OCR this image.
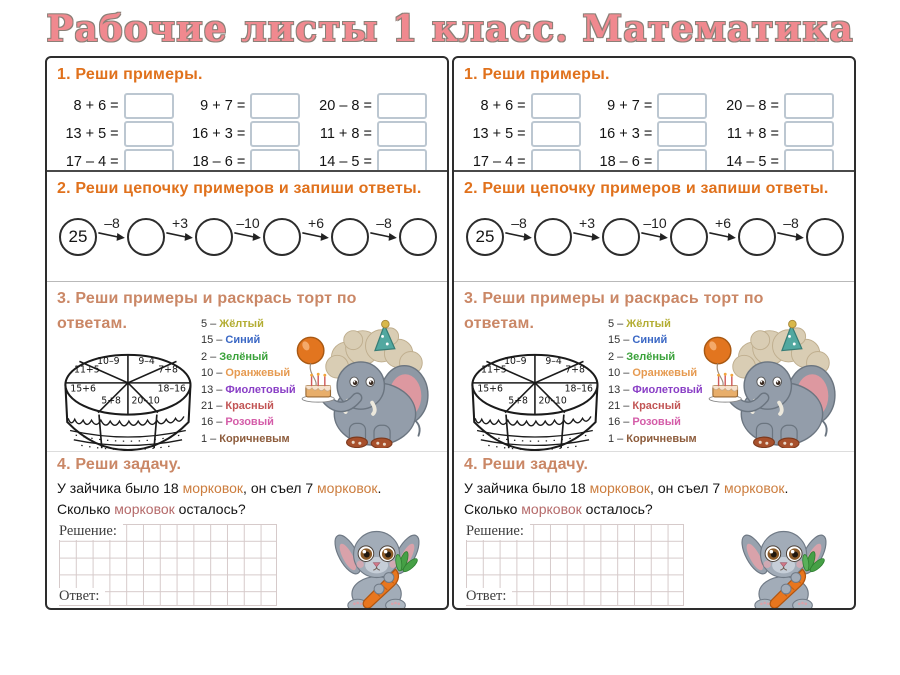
Рабочие листы 1 класс. Математика
1. Реши примеры.
8 + 6 =	9 + 7 =	20 – 8 =
13 + 5 =	16 + 3 =	11 + 8 =
17 – 4 =	18 – 6 =	14 – 5 =
2. Реши цепочку примеров и запиши ответы.
25
–8	+3	–10	+6	–8
3. Реши примеры и раскрась торт по ответам.
11+5
10–9 9–4
7+8
15+6	18–16
5+8 20–10
5 – Жёлтый
15 – Синий
2 – Зелёный
10 – Оранжевый
13 – Фиолетовый
21 – Красный
16 – Розовый
1 – Коричневым
4. Реши задачу.

У зайчика было 18 морковок, он съел 7 морковок. Сколько морковок осталось?

Решение:
Ответ:
1. Реши примеры.
8 + 6 =	9 + 7 =	20 – 8 =
13 + 5 =	16 + 3 =	11 + 8 =
17 – 4 =	18 – 6 =	14 – 5 =
2. Реши цепочку примеров и запиши ответы.
25
–8	+3	–10	+6	–8
3. Реши примеры и раскрась торт по ответам.
11+5
10–9 9–4
7+8
15+6	18–16
5+8 20–10
5 – Жёлтый
15 – Синий
2 – Зелёный
10 – Оранжевый
13 – Фиолетовый
21 – Красный
16 – Розовый
1 – Коричневым
4. Реши задачу.

У зайчика было 18 морковок, он съел 7 морковок. Сколько морковок осталось?

Решение:
Ответ:
